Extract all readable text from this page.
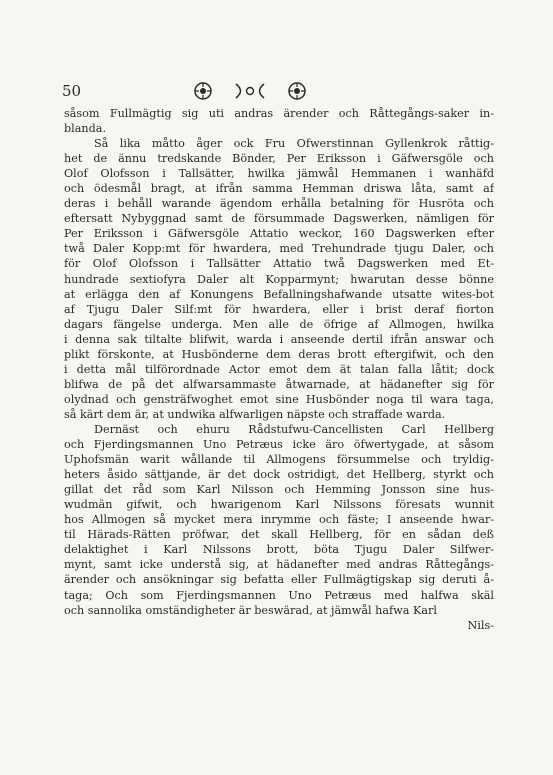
50
såsom Fullmägtig sig uti andras ärender och Råttegångs-saker in-
blanda.
Så lika måtto åger ock Fru Ofwerstinnan Gyllenkrok råttig-
het de ännu tredskande Bönder, Per Eriksson i Gäfwersgöle och
Olof Olofsson i Tallsätter, hwilka jämwål Hemmanen i wanhäfd
och ödesmål bragt, at ifrån samma Hemman driswa låta, samt af
deras i behåll warande ägendom erhålla betalning för Husröta och
eftersatt Nybyggnad samt de försummade Dagswerken, nämligen för
Per Eriksson i Gäfwersgöle Attatio weckor, 160 Dagswerken efter
twå Daler Kopp:mt för hwardera, med Trehundrade tjugu Daler, och
för Olof Olofsson i Tallsätter Attatio twå Dagswerken med Et-
hundrade sextiofyra Daler alt Kopparmynt; hwarutan desse bönne
at erlägga den af Konungens Befallningshafwande utsatte wites-bot
af Tjugu Daler Silf:mt för hwardera, eller i brist deraf fiorton
dagars fängelse underga. Men alle de öfrige af Allmogen, hwilka
i denna sak tiltalte blifwit, warda i anseende dertil ifrån answar och
plikt förskonte, at Husbönderne dem deras brott eftergifwit, och den
i detta mål tilförordnade Actor emot dem ät talan falla låtit; dock
blifwa de på det alfwarsammaste åtwarnade, at hädanefter sig för
olydnad och gensträfwoghet emot sine Husbönder noga til wara taga,
så kärt dem är, at undwika alfwarligen näpste och straffade warda.
Dernäst och ehuru Rådstufwu-Cancellisten Carl Hellberg
och Fjerdingsmannen Uno Petræus icke äro öfwertygade, at såsom
Uphofsmän warit wållande til Allmogens försummelse och tryldig-
heters åsido sättjande, är det dock ostridigt, det Hellberg, styrkt och
gillat det råd som Karl Nilsson och Hemming Jonsson sine hus-
wudmän gifwit, och hwarigenom Karl Nilssons föresats wunnit
hos Allmogen så mycket mera inrymme och fäste; I anseende hwar-
til Härads-Rätten pröfwar, det skall Hellberg, för en sådan deß
delaktighet i Karl Nilssons brott, böta Tjugu Daler Silfwer-
mynt, samt icke understå sig, at hädanefter med andras Råttegångs-
ärender och ansökningar sig befatta eller Fullmägtigskap sig deruti å-
taga; Och som Fjerdingsmannen Uno Petræus med halfwa skäl
och sannolika omständigheter är beswärad, at jämwål hafwa Karl
Nils-
